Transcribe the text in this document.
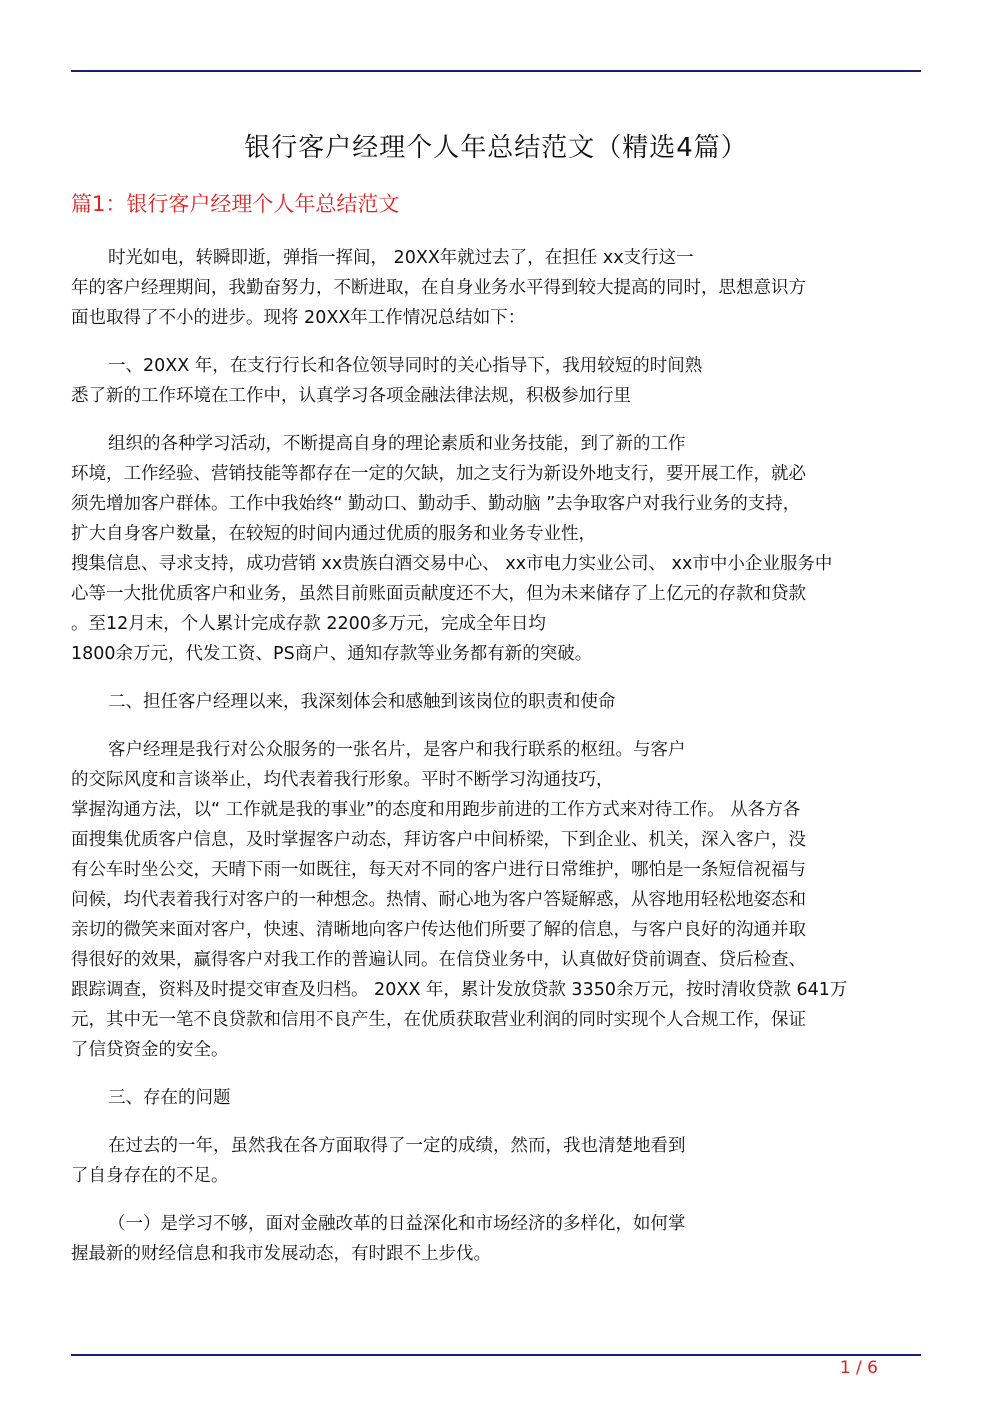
银行客户经理个人年总结范文（精选4篇）
篇1：银行客户经理个人年总结范文
时光如电，转瞬即逝，弹指一挥间， 20XX年就过去了，在担任 xx支行这一
年的客户经理期间，我勤奋努力，不断进取，在自身业务水平得到较大提高的同时，思想意识方
面也取得了不小的进步。现将 20XX年工作情况总结如下：
一、20XX 年，在支行行长和各位领导同时的关心指导下，我用较短的时间熟
悉了新的工作环境在工作中，认真学习各项金融法律法规，积极参加行里
组织的各种学习活动，不断提高自身的理论素质和业务技能，到了新的工作
环境，工作经验、营销技能等都存在一定的欠缺，加之支行为新设外地支行，要开展工作，就必
须先增加客户群体。工作中我始终“ 勤动口、勤动手、勤动脑 ”去争取客户对我行业务的支持，
扩大自身客户数量，在较短的时间内通过优质的服务和业务专业性，
搜集信息、寻求支持，成功营销 xx贵族白酒交易中心、 xx市电力实业公司、 xx市中小企业服务中
心等一大批优质客户和业务，虽然目前账面贡献度还不大，但为未来储存了上亿元的存款和贷款
。至12月末，个人累计完成存款 2200多万元，完成全年日均
1800余万元，代发工资、PS商户、通知存款等业务都有新的突破。
二、担任客户经理以来，我深刻体会和感触到该岗位的职责和使命
客户经理是我行对公众服务的一张名片，是客户和我行联系的枢纽。与客户
的交际风度和言谈举止，均代表着我行形象。平时不断学习沟通技巧，
掌握沟通方法，以“ 工作就是我的事业”的态度和用跑步前进的工作方式来对待工作。 从各方各
面搜集优质客户信息，及时掌握客户动态，拜访客户中间桥梁，下到企业、机关，深入客户，没
有公车时坐公交，天晴下雨一如既往，每天对不同的客户进行日常维护，哪怕是一条短信祝福与
问候，均代表着我行对客户的一种想念。热情、耐心地为客户答疑解惑，从容地用轻松地姿态和
亲切的微笑来面对客户，快速、清晰地向客户传达他们所要了解的信息，与客户良好的沟通并取
得很好的效果，赢得客户对我工作的普遍认同。在信贷业务中，认真做好贷前调查、贷后检查、
跟踪调查，资料及时提交审查及归档。 20XX 年，累计发放贷款 3350余万元，按时清收贷款 641万
元，其中无一笔不良贷款和信用不良产生，在优质获取营业利润的同时实现个人合规工作，保证
了信贷资金的安全。
三、存在的问题
在过去的一年，虽然我在各方面取得了一定的成绩，然而，我也清楚地看到
了自身存在的不足。
（一）是学习不够，面对金融改革的日益深化和市场经济的多样化，如何掌
握最新的财经信息和我市发展动态，有时跟不上步伐。
1 / 6
